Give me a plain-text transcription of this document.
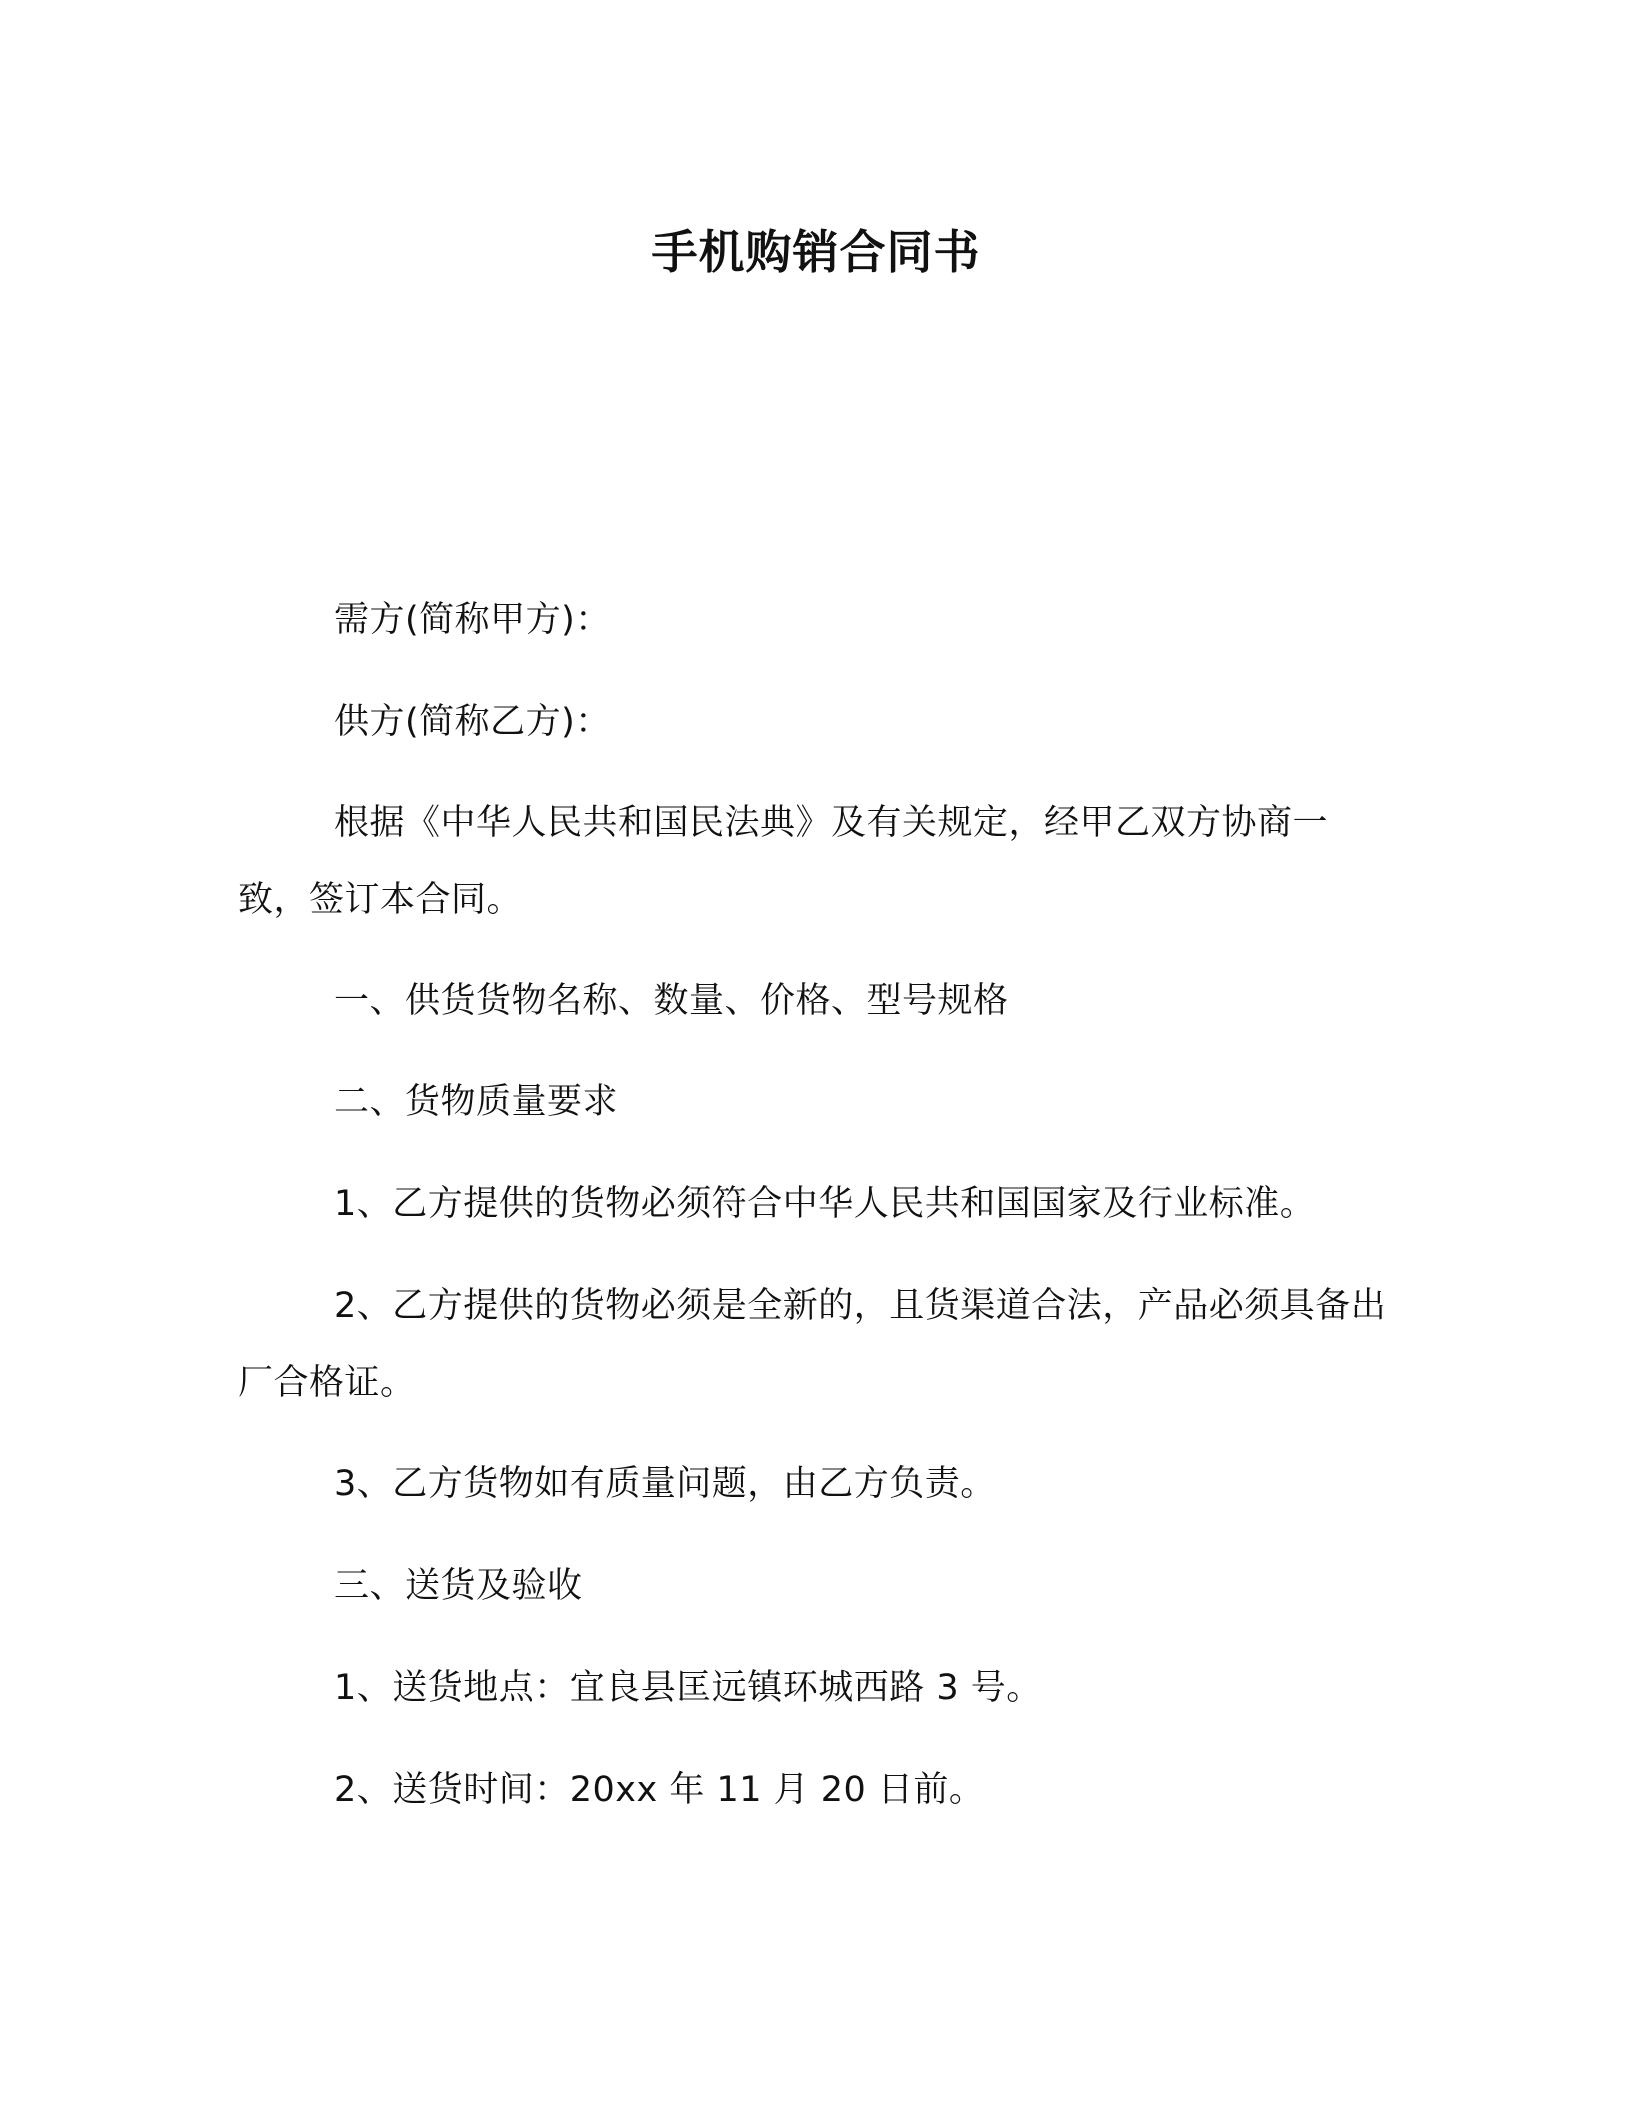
手机购销合同书
需方(简称甲方)：
供方(简称乙方)：
根据《中华人民共和国民法典》及有关规定，经甲乙双方协商一致，签订本合同。
一、供货货物名称、数量、价格、型号规格
二、货物质量要求
1、乙方提供的货物必须符合中华人民共和国国家及行业标准。
2、乙方提供的货物必须是全新的，且货渠道合法，产品必须具备出厂合格证。
3、乙方货物如有质量问题，由乙方负责。
三、送货及验收
1、送货地点：宜良县匡远镇环城西路 3 号。
2、送货时间：20xx 年 11 月 20 日前。
